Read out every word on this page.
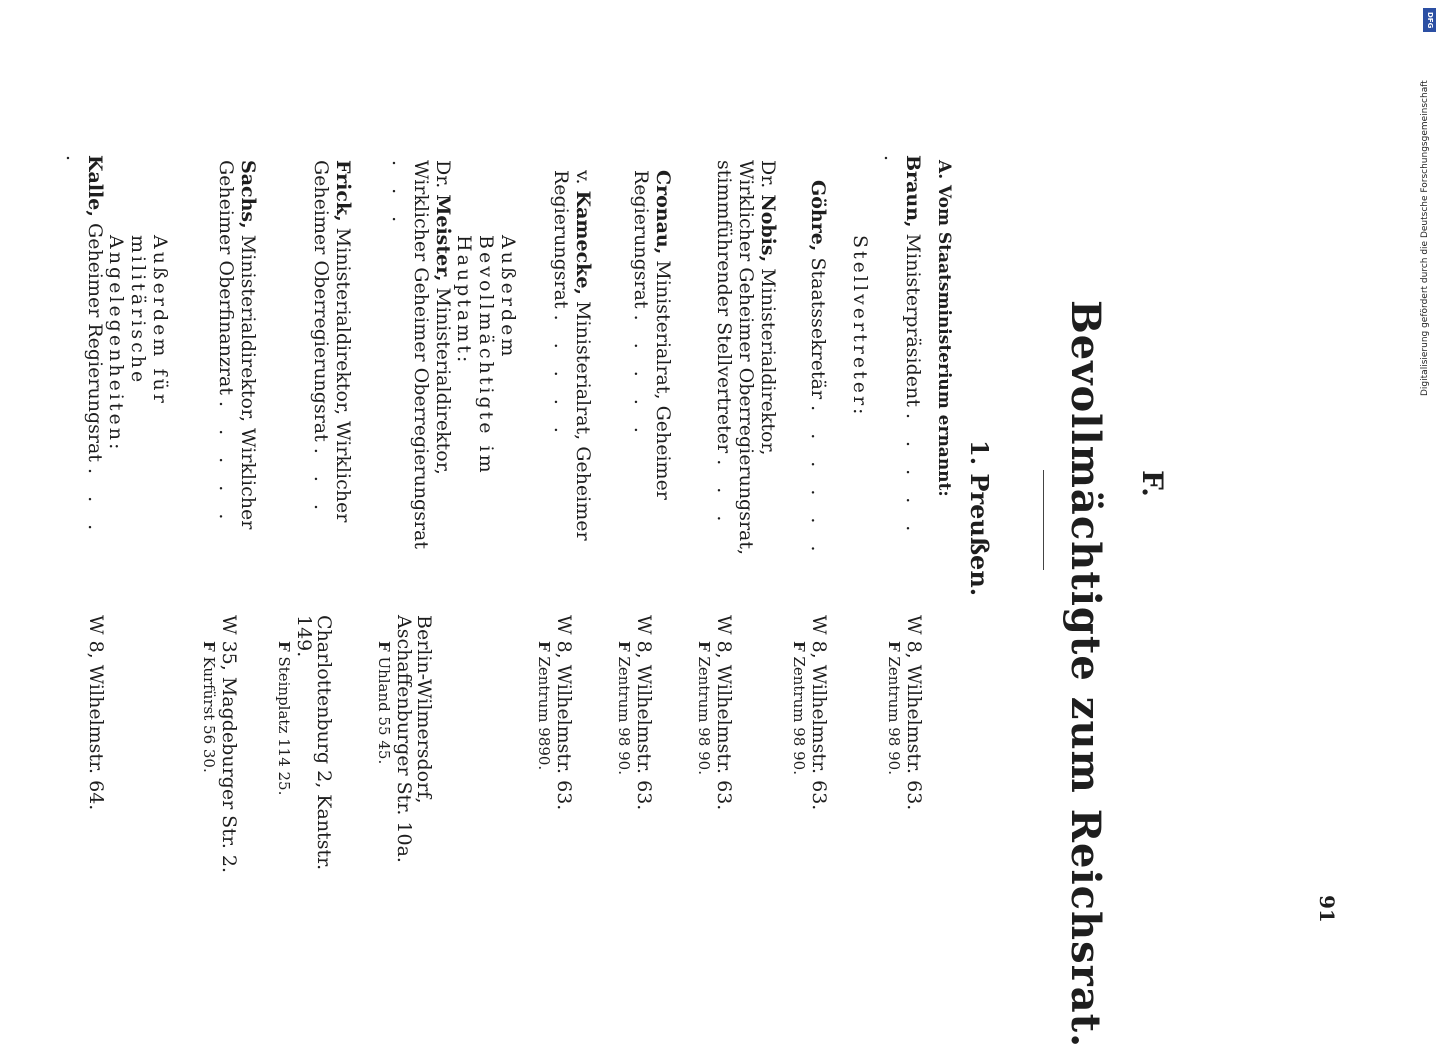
91
F.
Bevollmächtigte zum Reichsrat.
1. Preußen.
A. Vom Staatsministerium ernannt:
Braun, Ministerpräsident . . . . . .
W 8, Wilhelmstr. 63.
F Zentrum 98 90.
Stellvertreter:
Göhre, Staatssekretär . . . . . .
W 8, Wilhelmstr. 63.
F Zentrum 98 90.
Dr. Nobis, Ministerialdirektor, Wirklicher Geheimer Oberregierungsrat, stimmführender Stellvertreter . . .
W 8, Wilhelmstr. 63.
F Zentrum 98 90.
Cronau, Ministerialrat, Geheimer Regierungsrat . . . . .
W 8, Wilhelmstr. 63.
F Zentrum 98 90.
v. Kamecke, Ministerialrat, Geheimer Regierungsrat . . . . .
W 8, Wilhelmstr. 63.
F Zentrum 9890.
Außerdem Bevollmächtigte im Hauptamt:
Dr. Meister, Ministerialdirektor, Wirklicher Geheimer Oberregierungsrat . . .
Berlin-Wilmersdorf, Aschaffenburger Str. 10a.
F Uhland 55 45.
Frick, Ministerialdirektor, Wirklicher Geheimer Oberregierungsrat . . .
Charlottenburg 2, Kantstr. 149.
F Steinplatz 114 25.
Sachs, Ministerialdirektor, Wirklicher Geheimer Oberfinanzrat . . . . .
W 35, Magdeburger Str. 2.
F Kurfürst 56 30.
Außerdem für militärische Angelegenheiten:
Kalle, Geheimer Regierungsrat . . . .
W 8, Wilhelmstr. 64.
DFG
Digitalisierung gefördert durch die Deutsche Forschungsgemeinschaft
